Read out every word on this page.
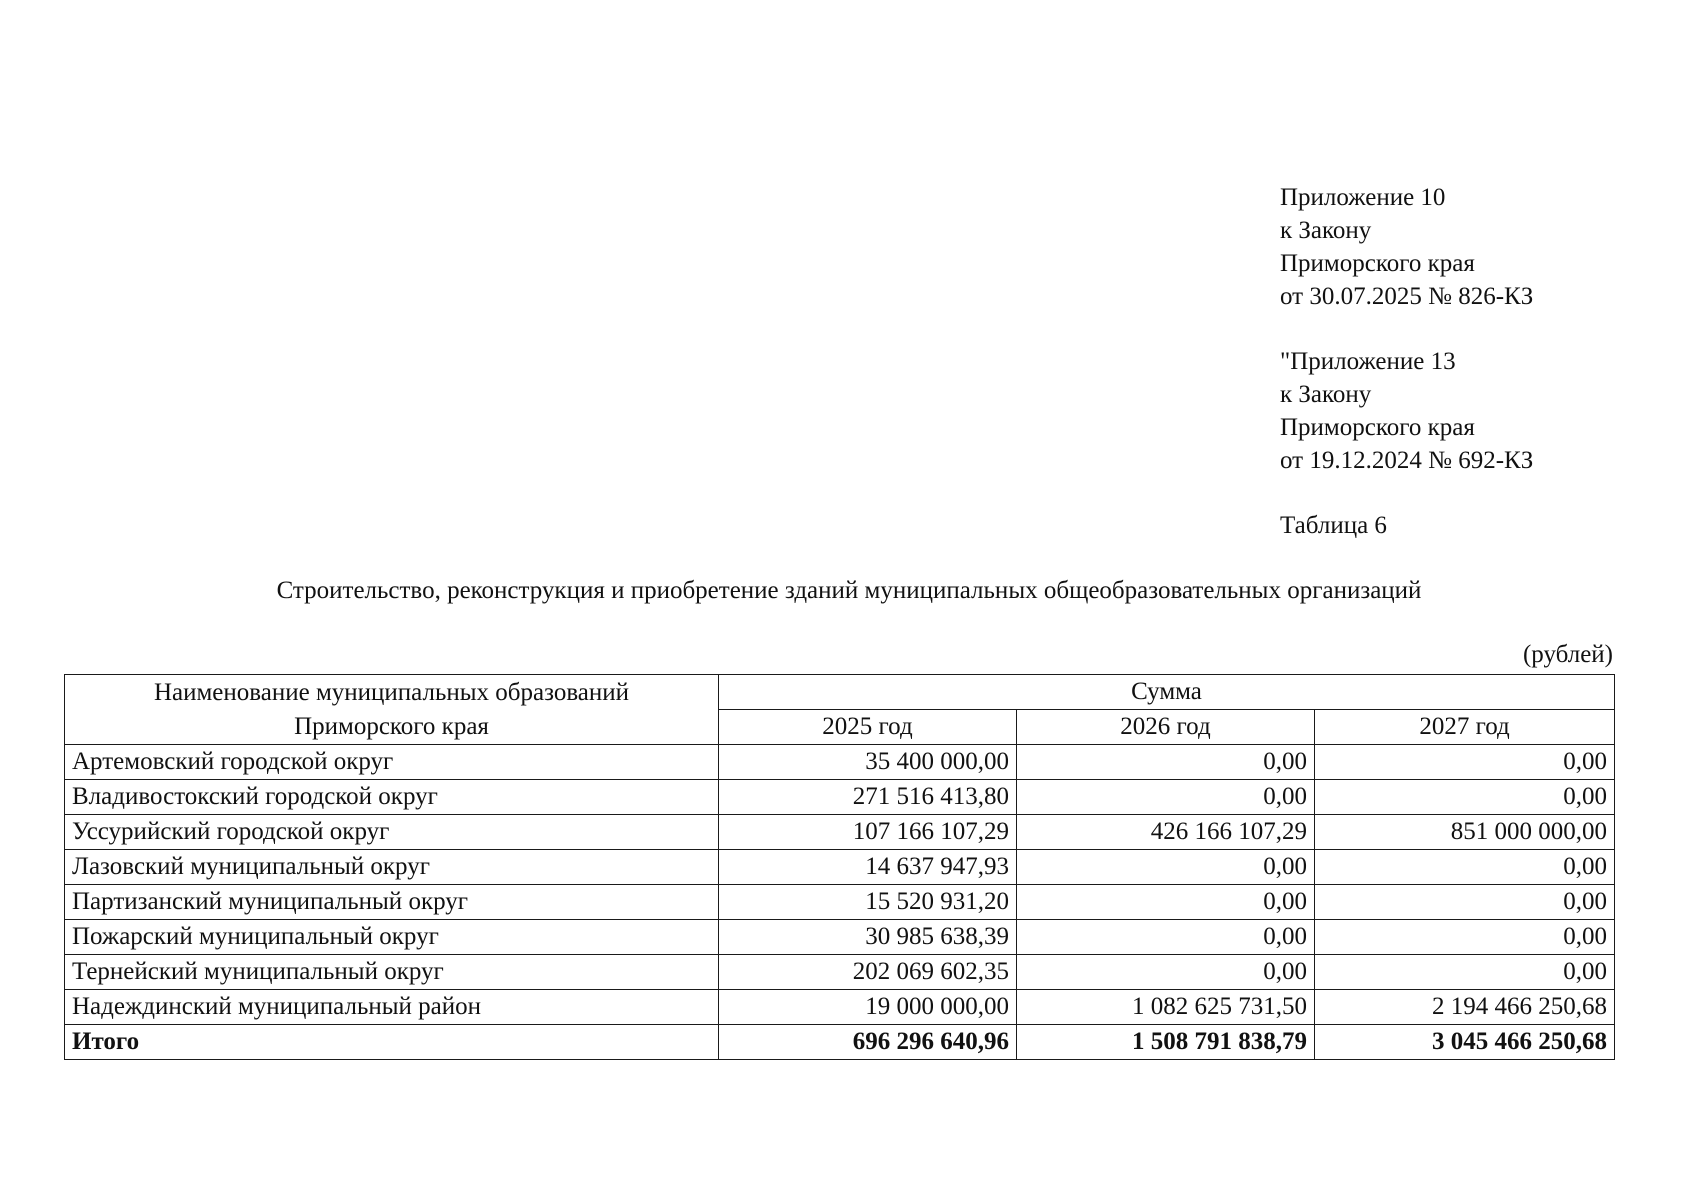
Приложение 10
к Закону
Приморского края
от 30.07.2025 № 826-КЗ
"Приложение 13
к Закону
Приморского края
от 19.12.2024 № 692-КЗ
Таблица 6
Строительство, реконструкция и приобретение зданий муниципальных общеобразовательных организаций
(рублей)
Наименование муниципальных образований
Приморского края	Сумма		
	2025 год	2026 год	2027 год
Артемовский городской округ	35 400 000,00	0,00	0,00
Владивостокский городской округ	271 516 413,80	0,00	0,00
Уссурийский городской округ	107 166 107,29	426 166 107,29	851 000 000,00
Лазовский муниципальный округ	14 637 947,93	0,00	0,00
Партизанский муниципальный округ	15 520 931,20	0,00	0,00
Пожарский муниципальный округ	30 985 638,39	0,00	0,00
Тернейский муниципальный округ	202 069 602,35	0,00	0,00
Надеждинский муниципальный район	19 000 000,00	1 082 625 731,50	2 194 466 250,68
Итого	696 296 640,96	1 508 791 838,79	3 045 466 250,68
